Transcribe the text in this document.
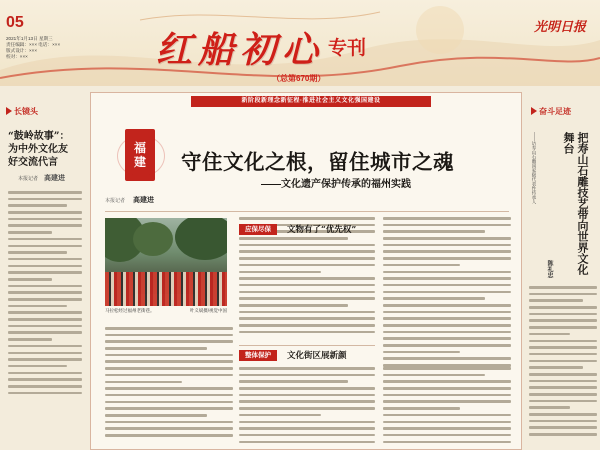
05
2021年1月13日 星期三
责任编辑：××× 电话：×××
版式设计：×××
校对：×××	红船初心 专刊
（总第670期）
光明日报
长镜头
“鼓岭故事”：
为中外文化友
好交流代言
本报记者 高建进
新阶段新理念新征程·推进社会主义文化强国建设
福
建 守住文化之根，留住城市之魂
——文化遗产保护传承的福州实践
本报记者 高建进
马拉松经过福州老街巷。	叶义斌摄/视觉中国
应保尽保	文物有了“优先权”
整体保护	文化街区展新颜
奋斗足迹
把寿山石雕技艺带向世界文化舞台
——访寿山石雕国家级代表性传承人
陈礼忠
